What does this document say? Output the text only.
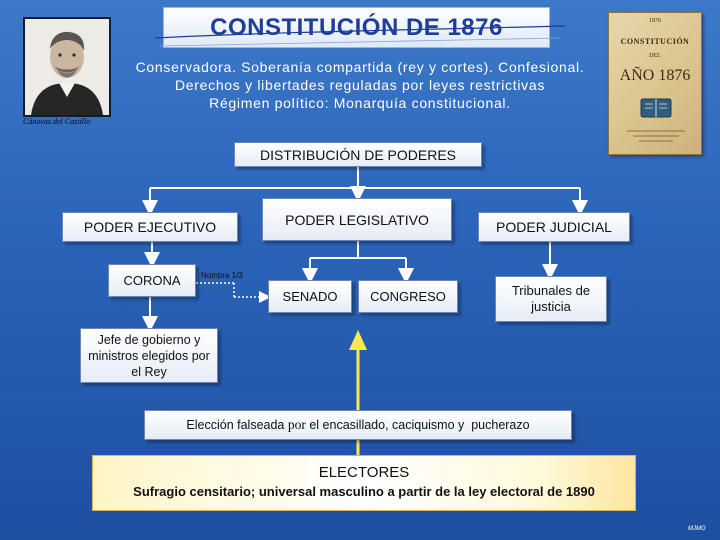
CONSTITUCIÓN DE 1876
Cánovas del Castillo
Conservadora. Soberanía compartida (rey y cortes). Confesional.
Derechos y libertades reguladas por leyes restrictivas
Régimen político: Monarquía constitucional.
1876
CONSTITUCIÓN
DEL
AÑO 1876
DISTRIBUCIÓN DE PODERES
PODER EJECUTIVO	PODER LEGISLATIVO	PODER JUDICIAL
CORONA	Nombra 1/3
SENADO	CONGRESO	Tribunales de justicia
Jefe de gobierno y ministros elegidos por el Rey
Elección falseada por el encasillado, caciquismo y  pucherazo
ELECTORES
Sufragio censitario; universal masculino a partir de la ley electoral de 1890
MJMG
